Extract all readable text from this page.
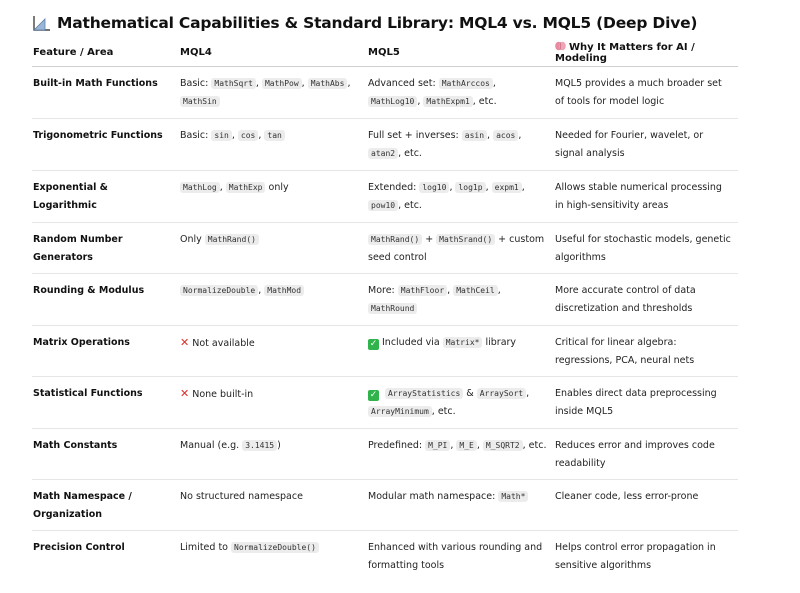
Mathematical Capabilities & Standard Library: MQL4 vs. MQL5 (Deep Dive)
Feature / Area	MQL4	MQL5	Why It Matters for AI / Modeling
Built-in Math Functions	Basic: MathSqrt , MathPow , MathAbs , MathSin	Advanced set: MathArccos , MathLog10 , MathExpm1 , etc.	MQL5 provides a much broader set of tools for model logic
Trigonometric Functions	Basic: sin , cos , tan	Full set + inverses: asin , acos , atan2 , etc.	Needed for Fourier, wavelet, or signal analysis
Exponential & Logarithmic	MathLog , MathExp only	Extended: log10 , log1p , expm1 , pow10 , etc.	Allows stable numerical processing in high-sensitivity areas
Random Number Generators	Only MathRand()	MathRand() + MathSrand() + custom seed control	Useful for stochastic models, genetic algorithms
Rounding & Modulus	NormalizeDouble , MathMod	More: MathFloor , MathCeil , MathRound	More accurate control of data discretization and thresholds
Matrix Operations	✕ Not available	✓ Included via Matrix* library	Critical for linear algebra: regressions, PCA, neural nets
Statistical Functions	✕ None built-in	✓ ArrayStatistics & ArraySort , ArrayMinimum , etc.	Enables direct data preprocessing inside MQL5
Math Constants	Manual (e.g. 3.1415 )	Predefined: M_PI , M_E , M_SQRT2 , etc.	Reduces error and improves code readability
Math Namespace / Organization	No structured namespace	Modular math namespace: Math*	Cleaner code, less error-prone
Precision Control	Limited to NormalizeDouble()	Enhanced with various rounding and formatting tools	Helps control error propagation in sensitive algorithms
